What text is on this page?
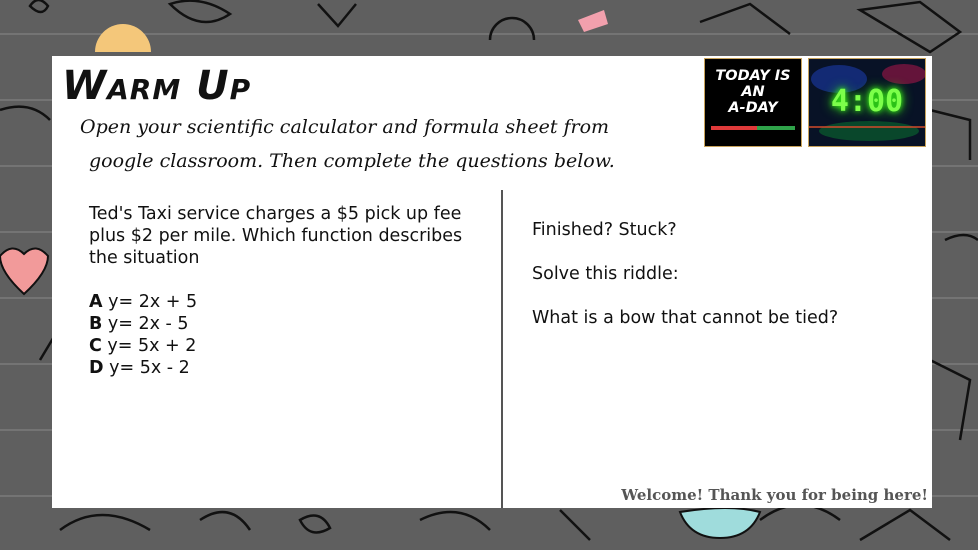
Warm Up
Open your scientific calculator and formula sheet from
google classroom. Then complete the questions below.

Ted's Taxi service charges a $5 pick up fee plus $2 per mile. Which function describes the situation

A y= 2x + 5

B y= 2x - 5

C y= 5x + 2

D y= 5x - 2

Finished? Stuck?

Solve this riddle:

What is a bow that cannot be tied?

Welcome! Thank you for being here!

TODAY IS
AN
A-DAY	4:00
